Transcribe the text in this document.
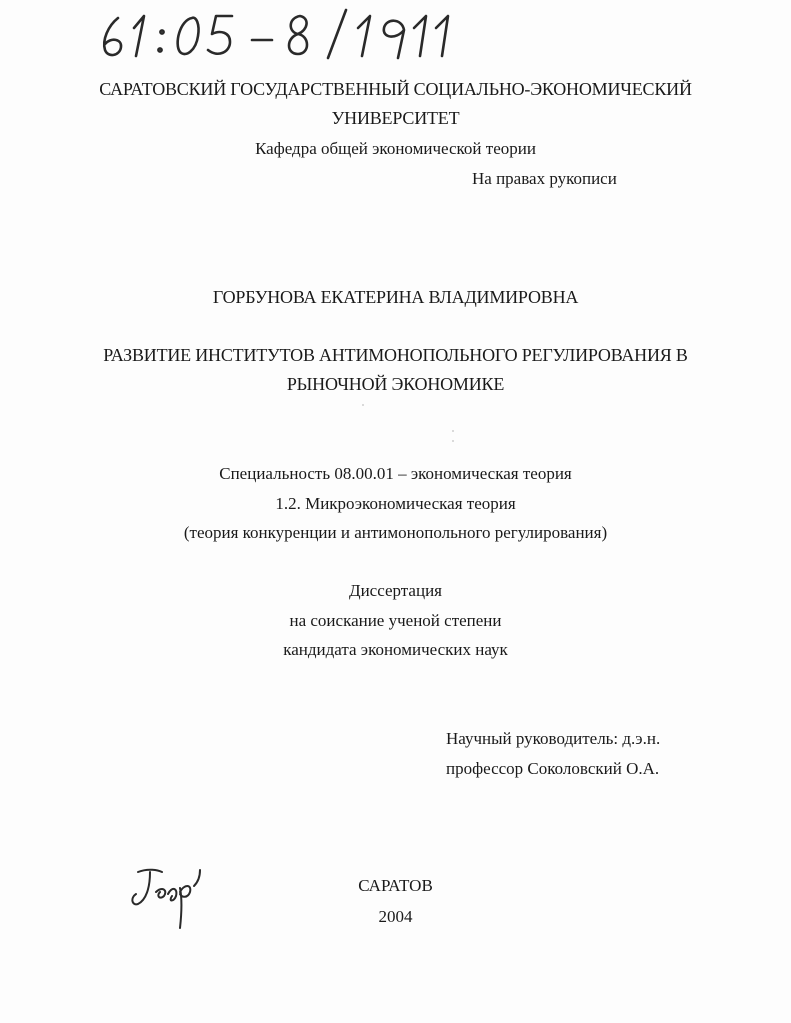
САРАТОВСКИЙ ГОСУДАРСТВЕННЫЙ СОЦИАЛЬНО-ЭКОНОМИЧЕСКИЙ
УНИВЕРСИТЕТ
Кафедра общей экономической теории
На правах рукописи
ГОРБУНОВА ЕКАТЕРИНА ВЛАДИМИРОВНА
РАЗВИТИЕ ИНСТИТУТОВ АНТИМОНОПОЛЬНОГО РЕГУЛИРОВАНИЯ В
РЫНОЧНОЙ ЭКОНОМИКЕ
Специальность 08.00.01 – экономическая теория
1.2. Микроэкономическая теория
(теория конкуренции и антимонопольного регулирования)
Диссертация
на соискание ученой степени
кандидата экономических наук
Научный руководитель: д.э.н.
профессор Соколовский О.А.
САРАТОВ
2004
